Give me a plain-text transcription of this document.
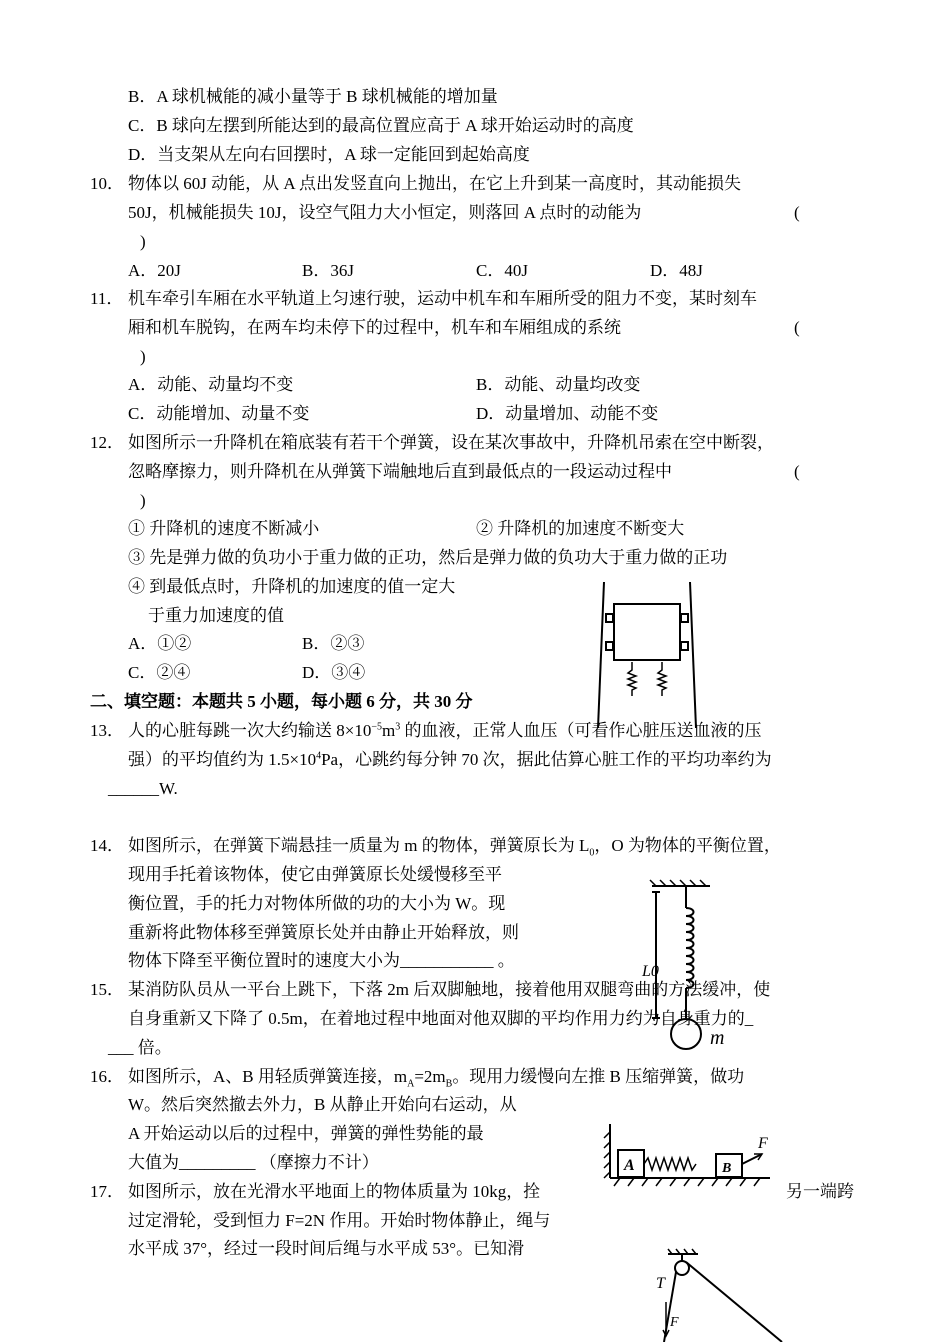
B．A 球机械能的减小量等于 B 球机械能的增加量
C．B 球向左摆到所能达到的最高位置应高于 A 球开始运动时的高度
D．当支架从左向右回摆时，A 球一定能回到起始高度
10． 物体以 60J 动能，从 A 点出发竖直向上抛出，在它上升到某一高度时，其动能损失
50J，机械能损失 10J，设空气阻力大小恒定，则落回 A 点时的动能为	(
)
A．20J	B．36J	C．40J	D．48J
11． 机车牵引车厢在水平轨道上匀速行驶，运动中机车和车厢所受的阻力不变，某时刻车
厢和机车脱钩，在两车均未停下的过程中，机车和车厢组成的系统	(
)
A．动能、动量均不变	B．动能、动量均改变
C．动能增加、动量不变	D．动量增加、动能不变
12． 如图所示一升降机在箱底装有若干个弹簧，设在某次事故中，升降机吊索在空中断裂，
忽略摩擦力，则升降机在从弹簧下端触地后直到最低点的一段运动过程中	(
)
① 升降机的速度不断减小	② 升降机的加速度不断变大
③ 先是弹力做的负功小于重力做的正功，然后是弹力做的负功大于重力做的正功
④ 到最低点时，升降机的加速度的值一定大
于重力加速度的值
A．①②	B．②③
C．②④	D．③④
二、填空题：本题共 5 小题，每小题 6 分，共 30 分
13． 人的心脏每跳一次大约输送 $8\times 10^{-5}m^3$ 的血液，正常人血压（可看作心脏压送血液的压
强）的平均值约为 $1.5\times 10^4Pa$，心跳约每分钟 70 次，据此估算心脏工作的平均功率约为
______W.
14． 如图所示，在弹簧下端悬挂一质量为 m 的物体，弹簧原长为 $L_0$，O 为物体的平衡位置，
现用手托着该物体，使它由弹簧原长处缓慢移至平
衡位置，手的托力对物体所做的功的大小为 W。现
重新将此物体移至弹簧原长处并由静止开始释放，则
物体下降至平衡位置时的速度大小为___________ 。
L0
m
15． 某消防队员从一平台上跳下，下落 2m 后双脚触地，接着他用双腿弯曲的方法缓冲，使
自身重新又下降了 0.5m，在着地过程中地面对他双脚的平均作用力约为自身重力的_
___ 倍。
16． 如图所示，A、B 用轻质弹簧连接，$m_A=2m_B$。现用力缓慢向左推 B 压缩弹簧，做功
W。然后突然撤去外力，B 从静止开始向右运动，从
A 开始运动以后的过程中，弹簧的弹性势能的最
大值为_________ （摩擦力不计）	A	B
F
17． 如图所示，放在光滑水平地面上的物体质量为 10kg，拴	另一端跨
过定滑轮，受到恒力 F=2N 作用。开始时物体静止，绳与
水平成 37°，经过一段时间后绳与水平成 53°。已知滑
T
F
